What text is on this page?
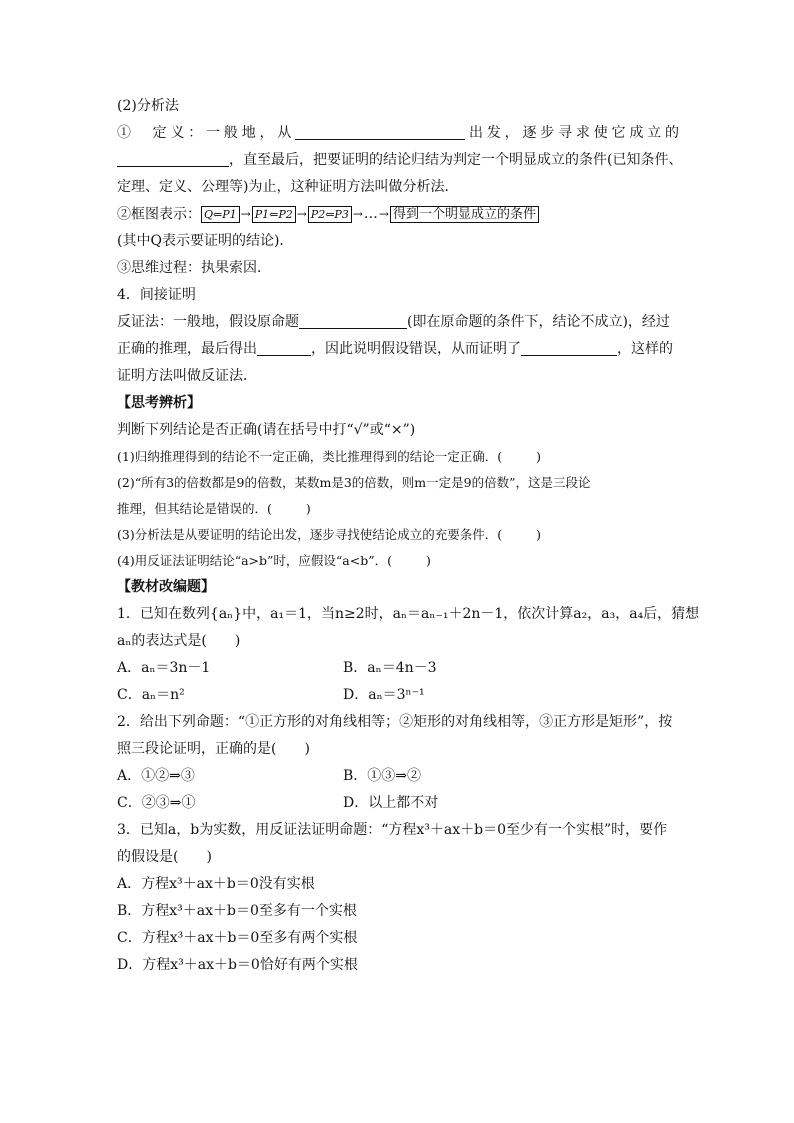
(2)分析法
①　定义：一般地，从	出发，逐步寻求使它成立的
，直至最后，把要证明的结论归结为判定一个明显成立的条件(已知条件、
定理、定义、公理等)为止，这种证明方法叫做分析法．
②框图表示： Q⇐P1 → P1⇐P2 → P2⇐P3 → … → 得到一个明显成立的条件
(其中Q表示要证明的结论)．
③思维过程：执果索因．
4．间接证明
反证法：一般地，假设原命题	(即在原命题的条件下，结论不成立)，经过
正确的推理，最后得出	，因此说明假设错误，从而证明了	，这样的
证明方法叫做反证法．
【思考辨析】
判断下列结论是否正确(请在括号中打“√”或“×”)
(1)归纳推理得到的结论不一定正确，类比推理得到的结论一定正确．(	)
(2)“所有3的倍数都是9的倍数，某数m是3的倍数，则m一定是9的倍数”，这是三段论
推理，但其结论是错误的．(	)
(3)分析法是从要证明的结论出发，逐步寻找使结论成立的充要条件．(	)
(4)用反证法证明结论“a>b”时，应假设“a<b”．(	)
【教材改编题】
1．已知在数列{aₙ}中，a₁＝1，当n≥2时，aₙ＝aₙ₋₁＋2n－1，依次计算a₂，a₃，a₄后，猜想
aₙ的表达式是(　　)
A．aₙ＝3n－1	B．aₙ＝4n－3
C．aₙ＝n²	D．aₙ＝3ⁿ⁻¹
2．给出下列命题：“①正方形的对角线相等；②矩形的对角线相等，③正方形是矩形”，按
照三段论证明，正确的是(　　)
A．①②⇒③	B．①③⇒②
C．②③⇒①	D．以上都不对
3．已知a，b为实数，用反证法证明命题：“方程x³＋ax＋b＝0至少有一个实根”时，要作
的假设是(　　)
A．方程x³＋ax＋b＝0没有实根
B．方程x³＋ax＋b＝0至多有一个实根
C．方程x³＋ax＋b＝0至多有两个实根
D．方程x³＋ax＋b＝0恰好有两个实根
